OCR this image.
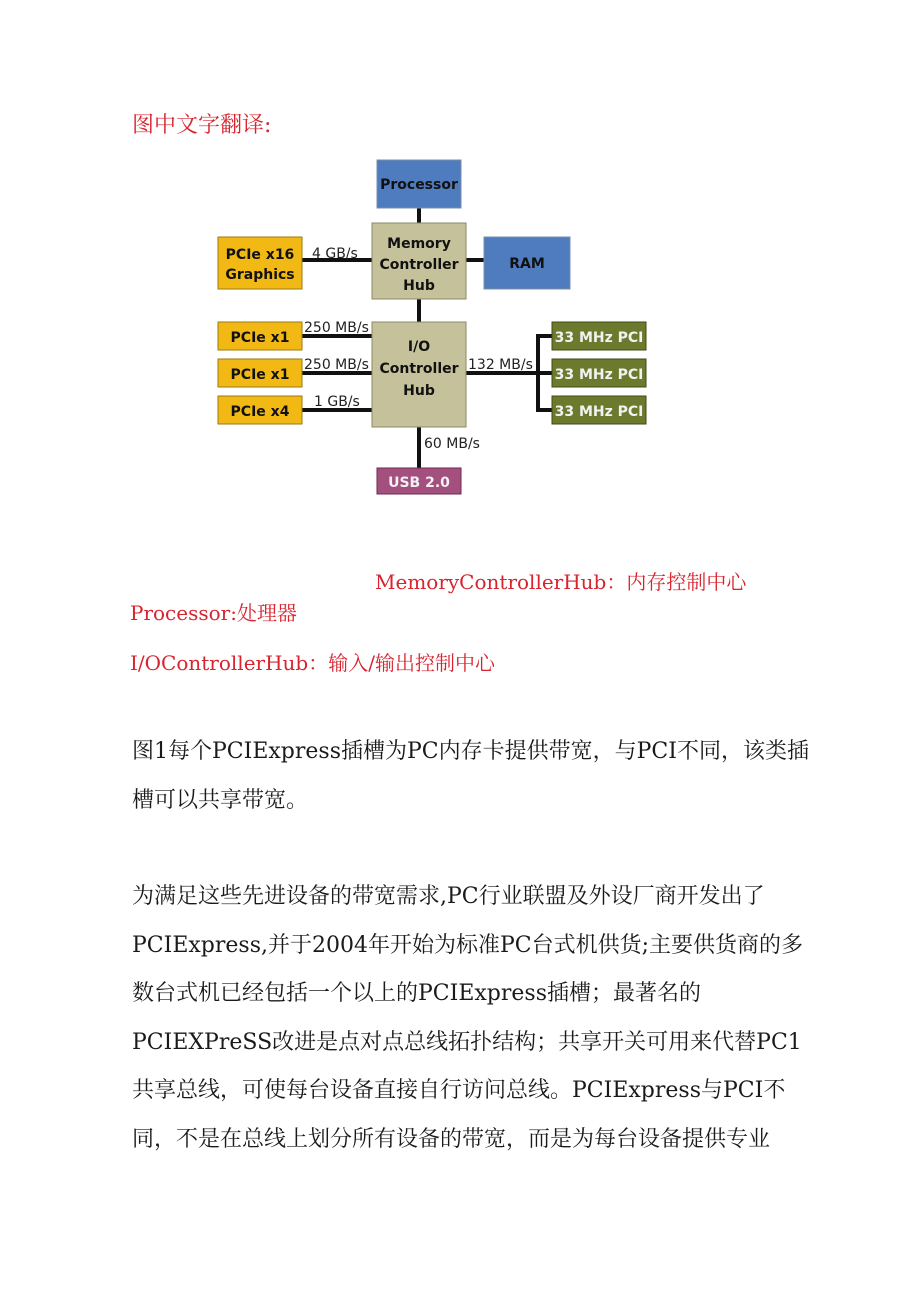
图中文字翻译:
Processor
Memory
Controller
Hub
RAM
PCIe x16
Graphics
4 GB/s
I/O
Controller
Hub
PCIe x1
250 MB/s
PCIe x1
250 MB/s
PCIe x4
1 GB/s
132 MB/s
33 MHz PCI
33 MHz PCI
33 MHz PCI
60 MB/s
USB 2.0
MemoryControllerHub：内存控制中心
Processor:处理器
I/OControllerHub：输入/输出控制中心
图1每个PCIExpress插槽为PC内存卡提供带宽，与PCI不同，该类插
槽可以共享带宽。
为满足这些先进设备的带宽需求,PC行业联盟及外设厂商开发出了
PCIExpress,并于2004年开始为标准PC台式机供货;主要供货商的多
数台式机已经包括一个以上的PCIExpress插槽；最著名的
PCIEXPreSS改进是点对点总线拓扑结构；共享开关可用来代替PC1
共享总线，可使每台设备直接自行访问总线。PCIExpress与PCI不
同，不是在总线上划分所有设备的带宽，而是为每台设备提供专业
